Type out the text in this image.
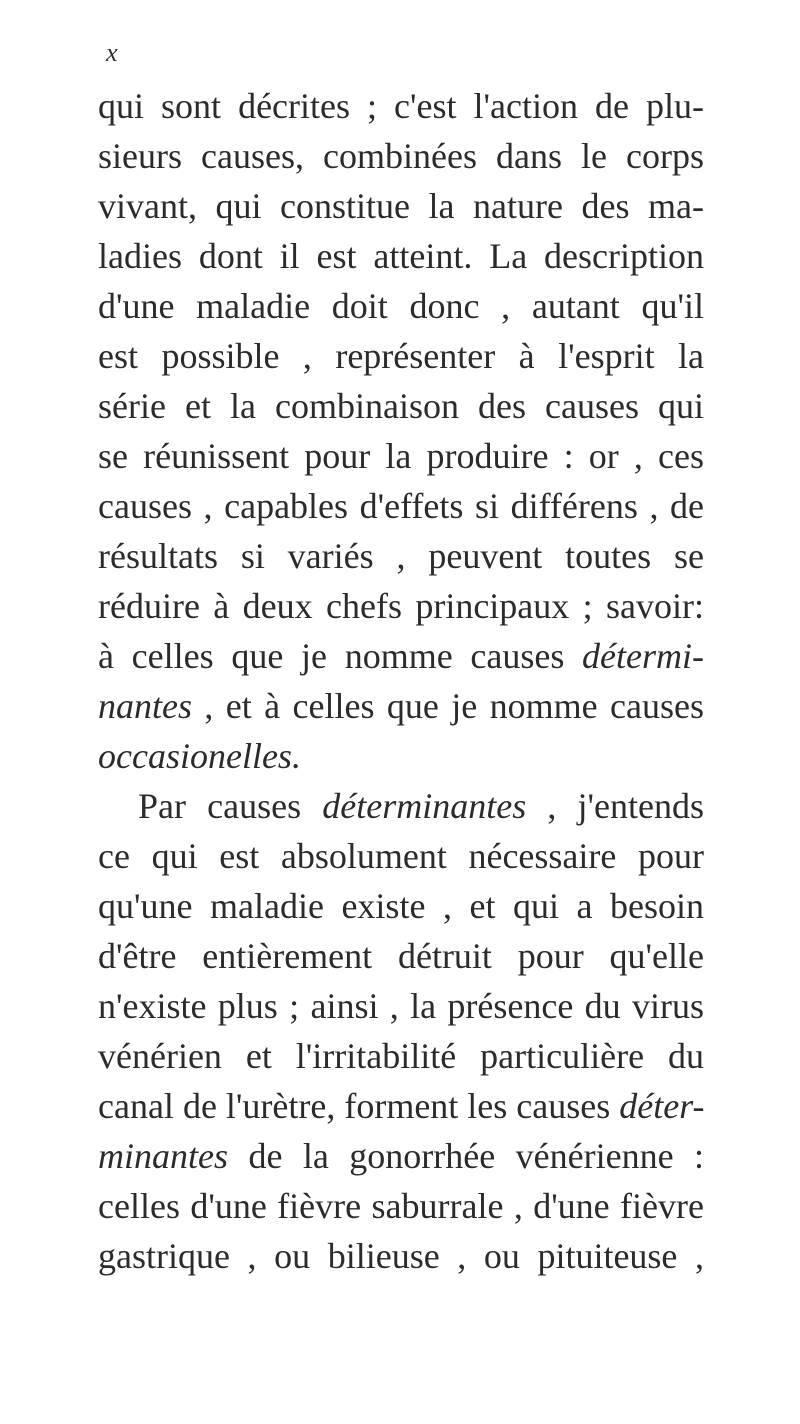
x
qui sont décrites ; c'est l'action de plu-
sieurs causes, combinées dans le corps
vivant, qui constitue la nature des ma-
ladies dont il est atteint. La description
d'une maladie doit donc , autant qu'il
est possible , représenter à l'esprit la
série et la combinaison des causes qui
se réunissent pour la produire : or , ces
causes , capables d'effets si différens , de
résultats si variés , peuvent toutes se
réduire à deux chefs principaux ; savoir:
à celles que je nomme causes détermi-
nantes , et à celles que je nomme causes
occasionelles.
Par causes déterminantes , j'entends
ce qui est absolument nécessaire pour
qu'une maladie existe , et qui a besoin
d'être entièrement détruit pour qu'elle
n'existe plus ; ainsi , la présence du virus
vénérien et l'irritabilité particulière du
canal de l'urètre, forment les causes déter-
minantes de la gonorrhée vénérienne :
celles d'une fièvre saburrale , d'une fièvre
gastrique , ou bilieuse , ou pituiteuse ,
